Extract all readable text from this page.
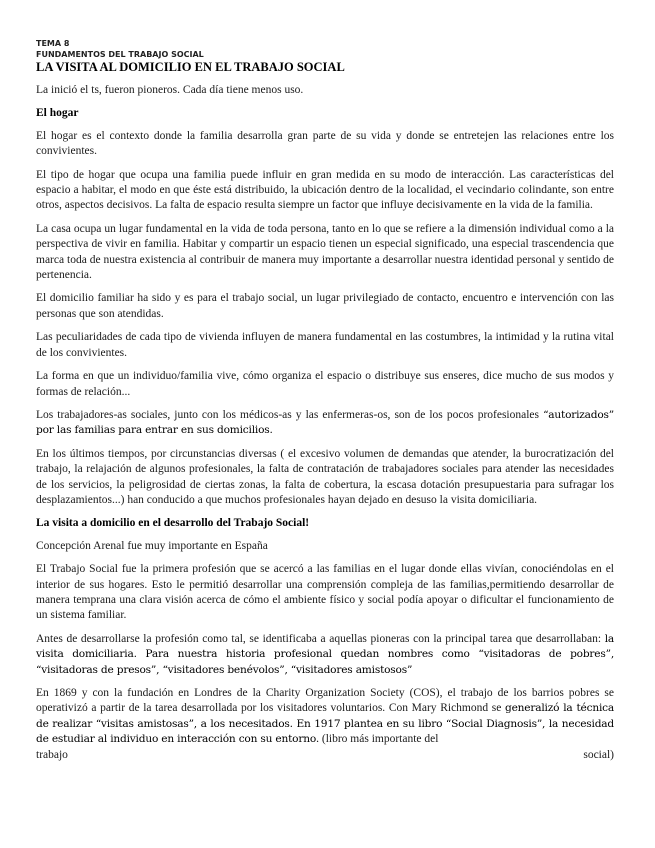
TEMA 8
FUNDAMENTOS DEL TRABAJO SOCIAL
LA VISITA AL DOMICILIO EN EL TRABAJO SOCIAL

La inició el ts, fueron pioneros. Cada día tiene menos uso.

El hogar

El hogar es el contexto donde la familia desarrolla gran parte de su vida y donde se entretejen las relaciones entre los convivientes.

El tipo de hogar que ocupa una familia puede influir en gran medida en su modo de interacción. Las características del espacio a habitar, el modo en que éste está distribuido, la ubicación dentro de la localidad, el vecindario colindante, son entre otros, aspectos decisivos. La falta de espacio resulta siempre un factor que influye decisivamente en la vida de la familia.

La casa ocupa un lugar fundamental en la vida de toda persona, tanto en lo que se refiere a la dimensión individual como a la perspectiva de vivir en familia. Habitar y compartir un espacio tienen un especial significado, una especial trascendencia que marca toda de nuestra existencia al contribuir de manera muy importante a desarrollar nuestra identidad personal y sentido de pertenencia.

El domicilio familiar ha sido y es para el trabajo social, un lugar privilegiado de contacto, encuentro e intervención con las personas que son atendidas.

Las peculiaridades de cada tipo de vivienda influyen de manera fundamental en las costumbres, la intimidad y la rutina vital de los convivientes.

La forma en que un individuo/familia vive, cómo organiza el espacio o distribuye sus enseres, dice mucho de sus modos y formas de relación...

Los trabajadores-as sociales, junto con los médicos-as y las enfermeras-os, son de los pocos profesionales “autorizados” por las familias para entrar en sus domicilios.

En los últimos tiempos, por circunstancias diversas ( el excesivo volumen de demandas que atender, la burocratización del trabajo, la relajación de algunos profesionales, la falta de contratación de trabajadores sociales para atender las necesidades de los servicios, la peligrosidad de ciertas zonas, la falta de cobertura, la escasa dotación presupuestaria para sufragar los desplazamientos...) han conducido a que muchos profesionales hayan dejado en desuso la visita domiciliaria.

La visita a domicilio en el desarrollo del Trabajo Social!

Concepción Arenal fue muy importante en España

El Trabajo Social fue la primera profesión que se acercó a las familias en el lugar donde ellas vivían, conociéndolas en el interior de sus hogares. Esto le permitió desarrollar una comprensión compleja de las familias,permitiendo desarrollar de manera temprana una clara visión acerca de cómo el ambiente físico y social podía apoyar o dificultar el funcionamiento de un sistema familiar.

Antes de desarrollarse la profesión como tal, se identificaba a aquellas pioneras con la principal tarea que desarrollaban: la visita domiciliaria. Para nuestra historia profesional quedan nombres como “visitadoras de pobres”, “visitadoras de presos”, “visitadores benévolos”, “visitadores amistosos”

En 1869 y con la fundación en Londres de la Charity Organization Society (COS), el trabajo de los barrios pobres se operativizó a partir de la tarea desarrollada por los visitadores voluntarios. Con Mary Richmond se generalizó la técnica de realizar “visitas amistosas”, a los necesitados. En 1917 plantea en su libro “Social Diagnosis”, la necesidad de estudiar al individuo en interacción con su entorno. (libro más importante del
trabajo	social)
